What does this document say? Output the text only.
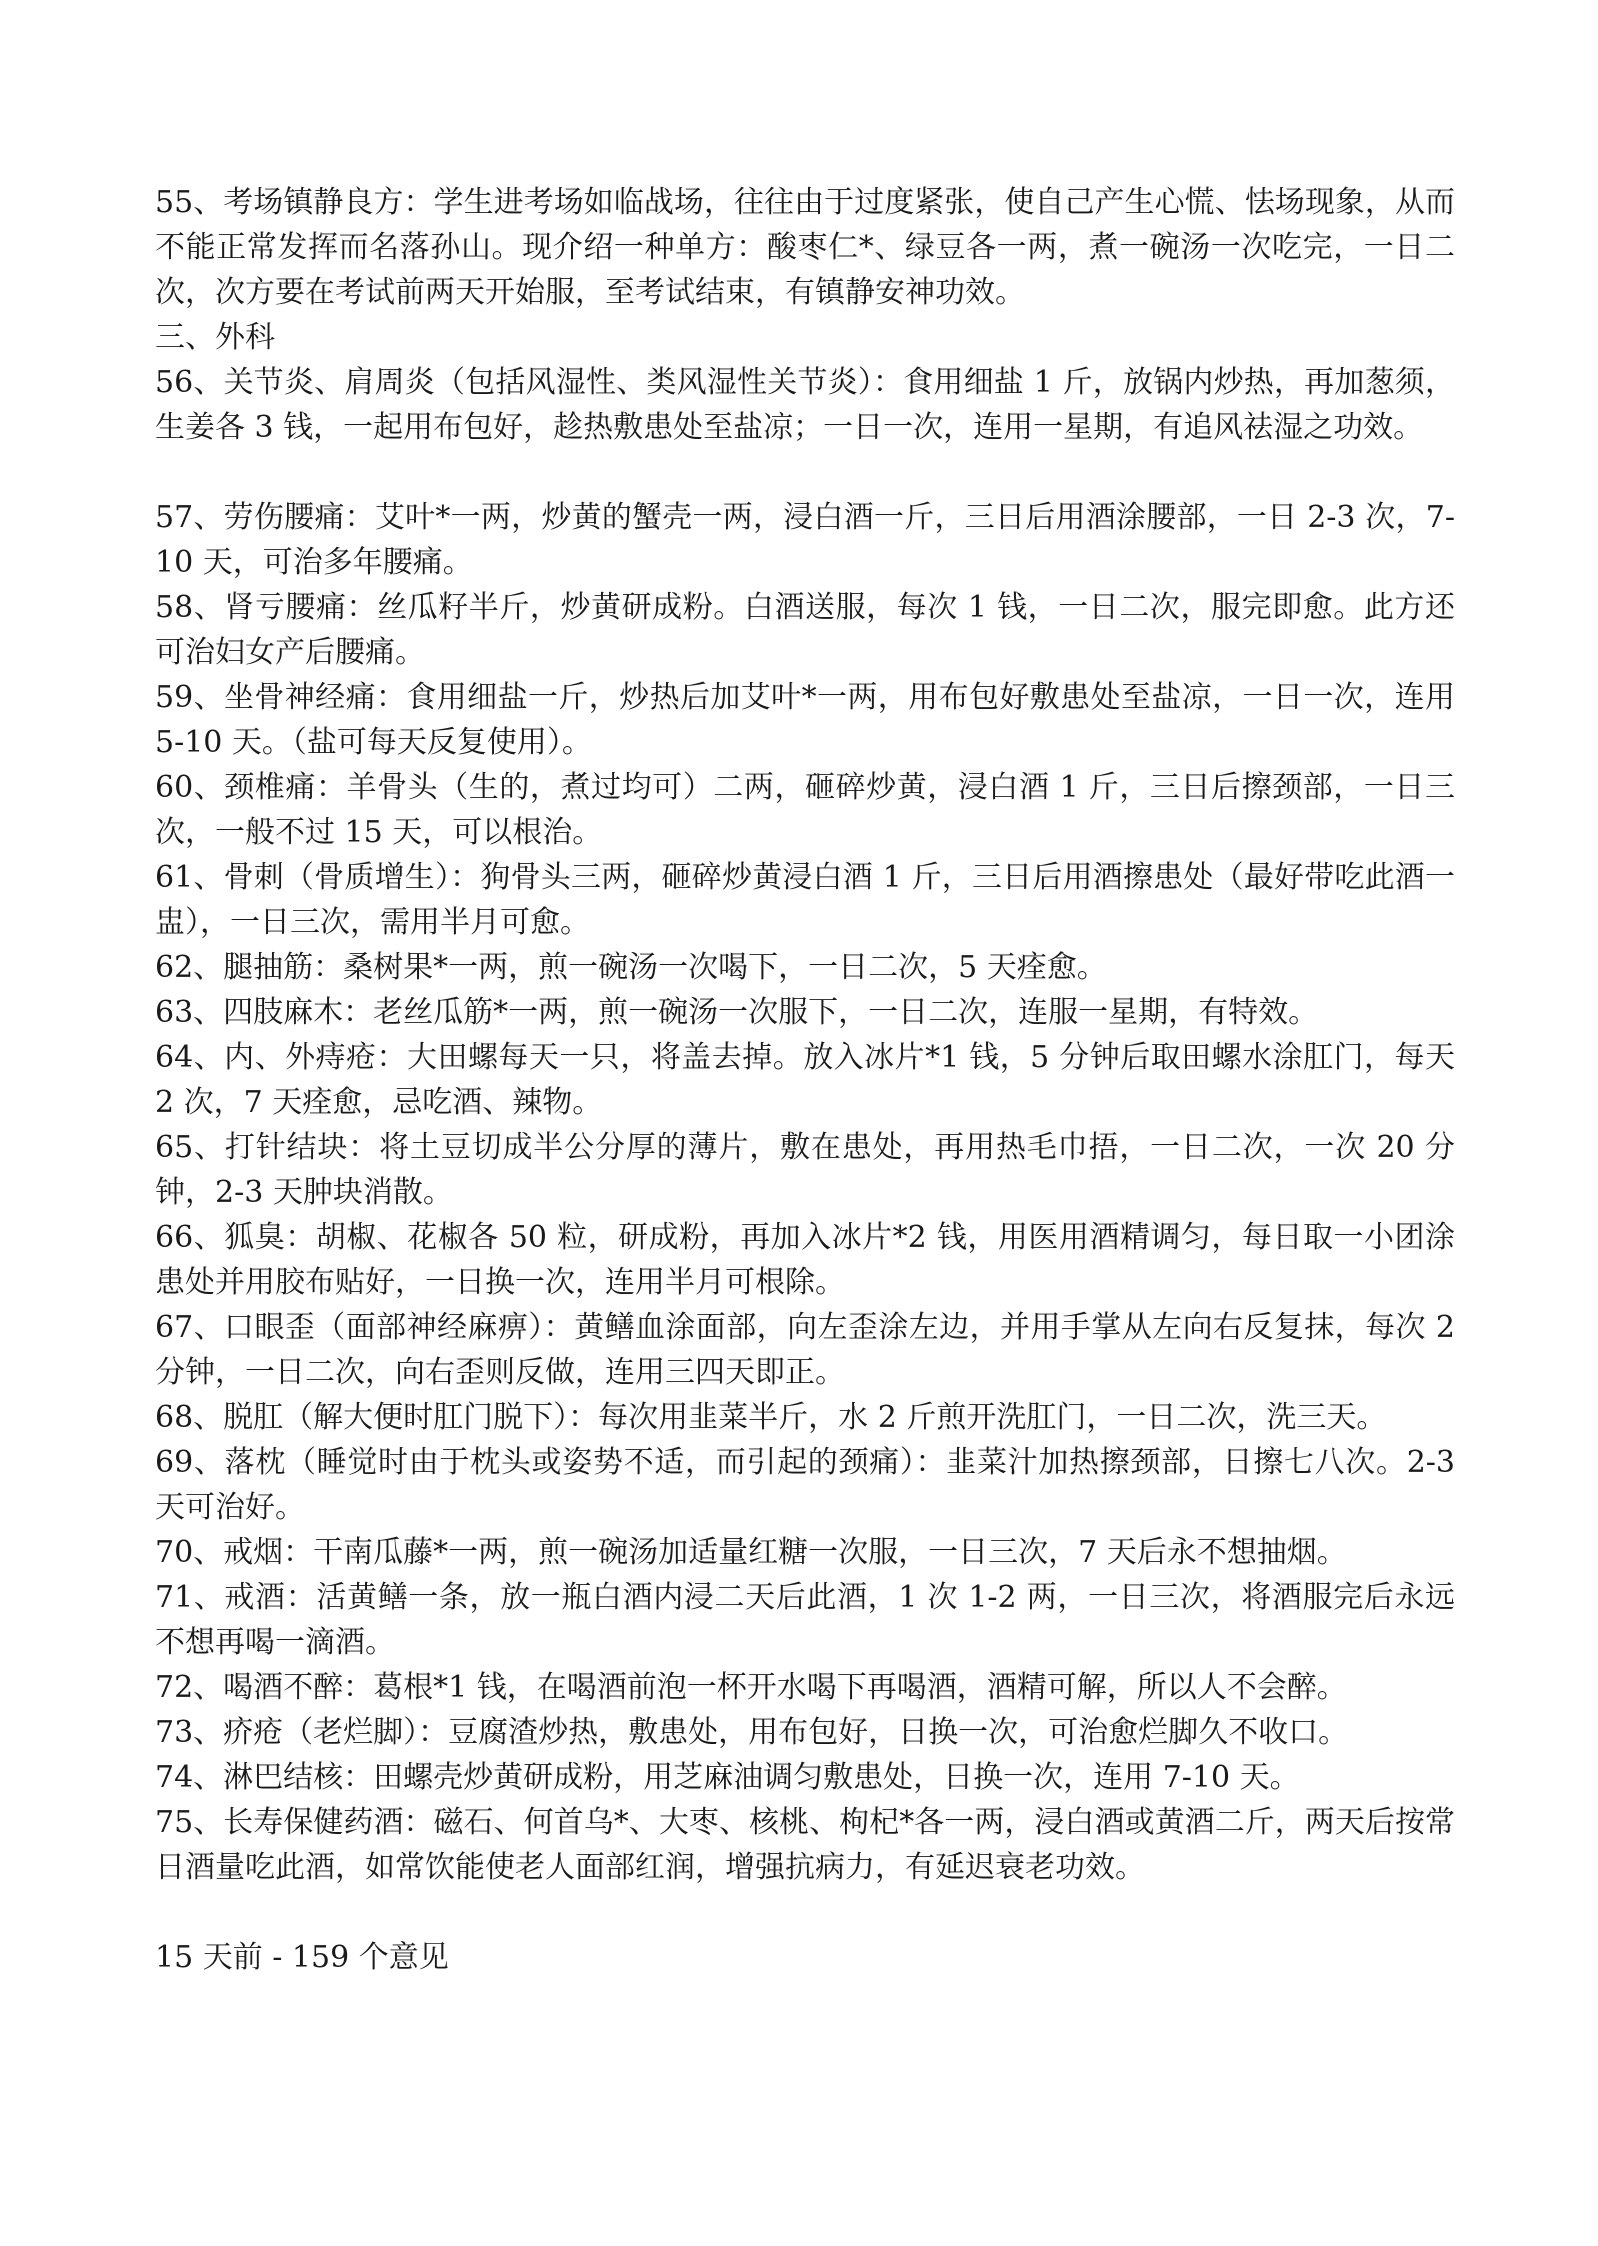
55、考场镇静良方：学生进考场如临战场，往往由于过度紧张，使自己产生心慌、怯场现象，从而不能正常发挥而名落孙山。现介绍一种单方：酸枣仁*、绿豆各一两，煮一碗汤一次吃完，一日二次，次方要在考试前两天开始服，至考试结束，有镇静安神功效。

三、外科

56、关节炎、肩周炎（包括风湿性、类风湿性关节炎）：食用细盐 1 斤，放锅内炒热，再加葱须，生姜各 3 钱，一起用布包好，趁热敷患处至盐凉；一日一次，连用一星期，有追风祛湿之功效。

57、劳伤腰痛：艾叶*一两，炒黄的蟹壳一两，浸白酒一斤，三日后用酒涂腰部，一日 2-3 次，7-10 天，可治多年腰痛。

58、肾亏腰痛：丝瓜籽半斤，炒黄研成粉。白酒送服，每次 1 钱，一日二次，服完即愈。此方还可治妇女产后腰痛。

59、坐骨神经痛：食用细盐一斤，炒热后加艾叶*一两，用布包好敷患处至盐凉，一日一次，连用 5-10 天。（盐可每天反复使用）。

60、颈椎痛：羊骨头（生的，煮过均可）二两，砸碎炒黄，浸白酒 1 斤，三日后擦颈部，一日三次，一般不过 15 天，可以根治。

61、骨刺（骨质增生）：狗骨头三两，砸碎炒黄浸白酒 1 斤，三日后用酒擦患处（最好带吃此酒一盅），一日三次，需用半月可愈。

62、腿抽筋：桑树果*一两，煎一碗汤一次喝下，一日二次，5 天痊愈。

63、四肢麻木：老丝瓜筋*一两，煎一碗汤一次服下，一日二次，连服一星期，有特效。

64、内、外痔疮：大田螺每天一只，将盖去掉。放入冰片*1 钱，5 分钟后取田螺水涂肛门，每天 2 次，7 天痊愈，忌吃酒、辣物。

65、打针结块：将土豆切成半公分厚的薄片，敷在患处，再用热毛巾捂，一日二次，一次 20 分钟，2-3 天肿块消散。

66、狐臭：胡椒、花椒各 50 粒，研成粉，再加入冰片*2 钱，用医用酒精调匀，每日取一小团涂患处并用胶布贴好，一日换一次，连用半月可根除。

67、口眼歪（面部神经麻痹）：黄鳝血涂面部，向左歪涂左边，并用手掌从左向右反复抹，每次 2 分钟，一日二次，向右歪则反做，连用三四天即正。

68、脱肛（解大便时肛门脱下）：每次用韭菜半斤，水 2 斤煎开洗肛门，一日二次，洗三天。

69、落枕（睡觉时由于枕头或姿势不适，而引起的颈痛）：韭菜汁加热擦颈部，日擦七八次。2-3 天可治好。

70、戒烟：干南瓜藤*一两，煎一碗汤加适量红糖一次服，一日三次，7 天后永不想抽烟。

71、戒酒：活黄鳝一条，放一瓶白酒内浸二天后此酒，1 次 1-2 两，一日三次，将酒服完后永远不想再喝一滴酒。

72、喝酒不醉：葛根*1 钱，在喝酒前泡一杯开水喝下再喝酒，酒精可解，所以人不会醉。

73、疥疮（老烂脚）：豆腐渣炒热，敷患处，用布包好，日换一次，可治愈烂脚久不收口。

74、淋巴结核：田螺壳炒黄研成粉，用芝麻油调匀敷患处，日换一次，连用 7-10 天。

75、长寿保健药酒：磁石、何首乌*、大枣、核桃、枸杞*各一两，浸白酒或黄酒二斤，两天后按常日酒量吃此酒，如常饮能使老人面部红润，增强抗病力，有延迟衰老功效。

15 天前 - 159 个意见
